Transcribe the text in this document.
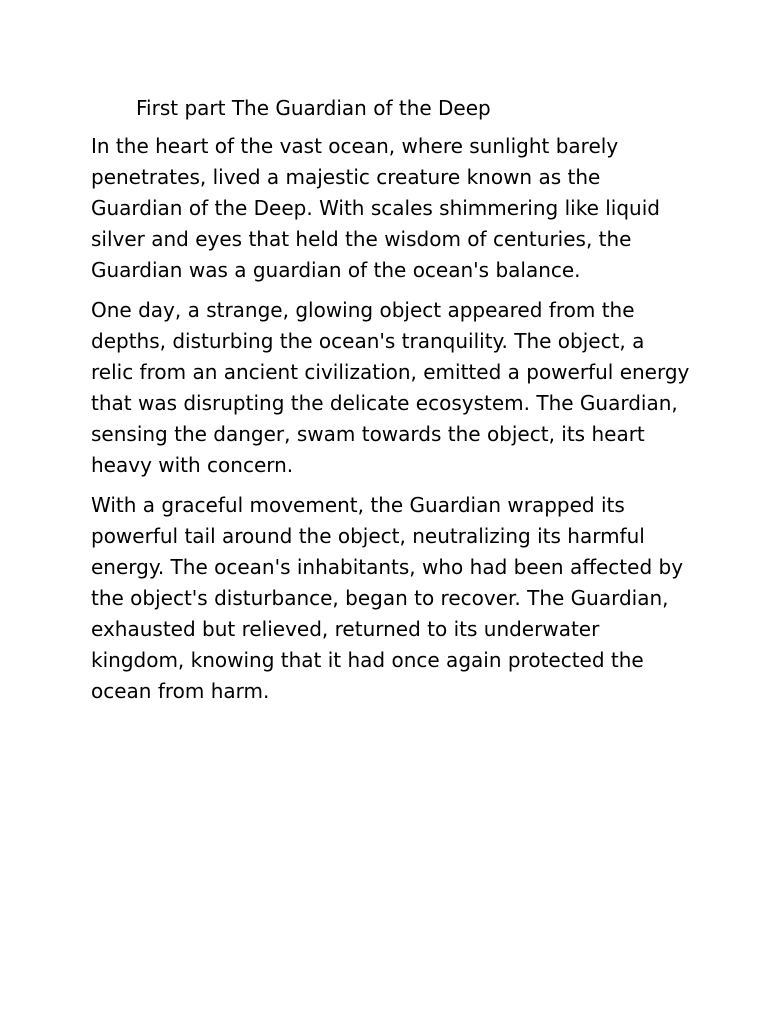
First part The Guardian of the Deep

In the heart of the vast ocean, where sunlight barely penetrates, lived a majestic creature known as the Guardian of the Deep. With scales shimmering like liquid silver and eyes that held the wisdom of centuries, the Guardian was a guardian of the ocean's balance.

One day, a strange, glowing object appeared from the depths, disturbing the ocean's tranquility. The object, a relic from an ancient civilization, emitted a powerful energy that was disrupting the delicate ecosystem. The Guardian, sensing the danger, swam towards the object, its heart heavy with concern.

With a graceful movement, the Guardian wrapped its powerful tail around the object, neutralizing its harmful energy. The ocean's inhabitants, who had been affected by the object's disturbance, began to recover. The Guardian, exhausted but relieved, returned to its underwater kingdom, knowing that it had once again protected the ocean from harm.
